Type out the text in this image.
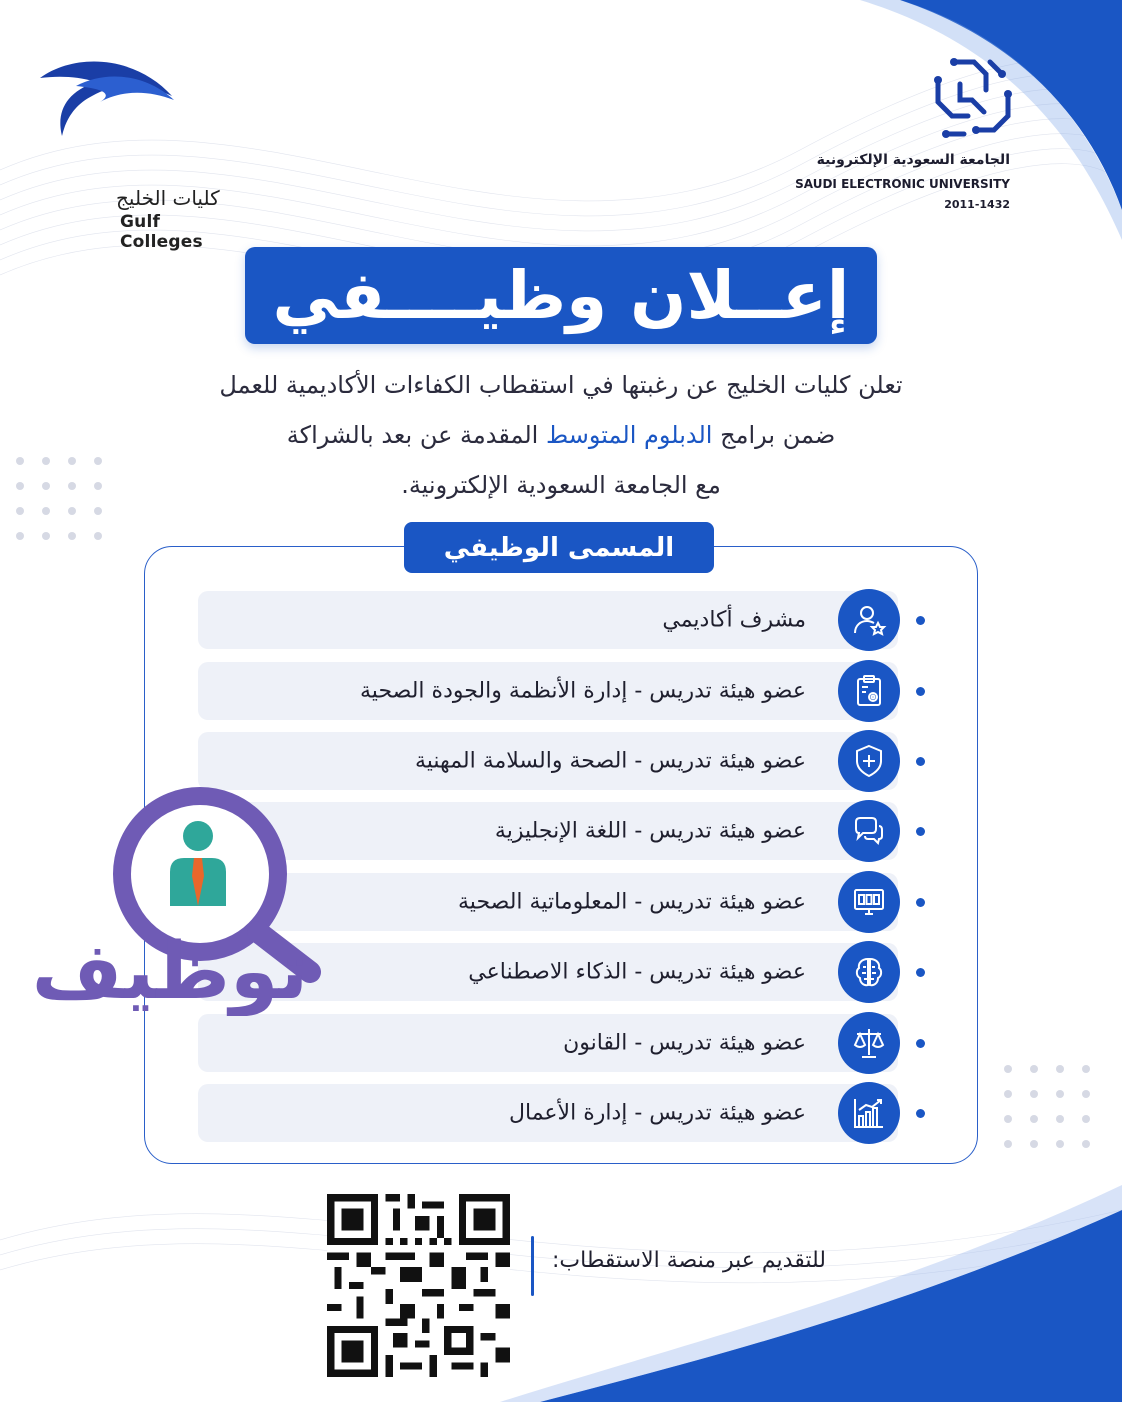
كليات الخليج
Gulf Colleges
الجامعة السعودية الإلكترونية
SAUDI ELECTRONIC UNIVERSITY
2011-1432
إعــلان وظيــــفي
تعلن كليات الخليج عن رغبتها في استقطاب الكفاءات الأكاديمية للعمل
ضمن برامج الدبلوم المتوسط المقدمة عن بعد بالشراكة
مع الجامعة السعودية الإلكترونية.
المسمى الوظيفي
مشرف أكاديمي
عضو هيئة تدريس - إدارة الأنظمة والجودة الصحية
عضو هيئة تدريس - الصحة والسلامة المهنية
عضو هيئة تدريس - اللغة الإنجليزية
عضو هيئة تدريس - المعلوماتية الصحية
عضو هيئة تدريس - الذكاء الاصطناعي
عضو هيئة تدريس - القانون
عضو هيئة تدريس - إدارة الأعمال
توظيف
للتقديم عبر منصة الاستقطاب:
